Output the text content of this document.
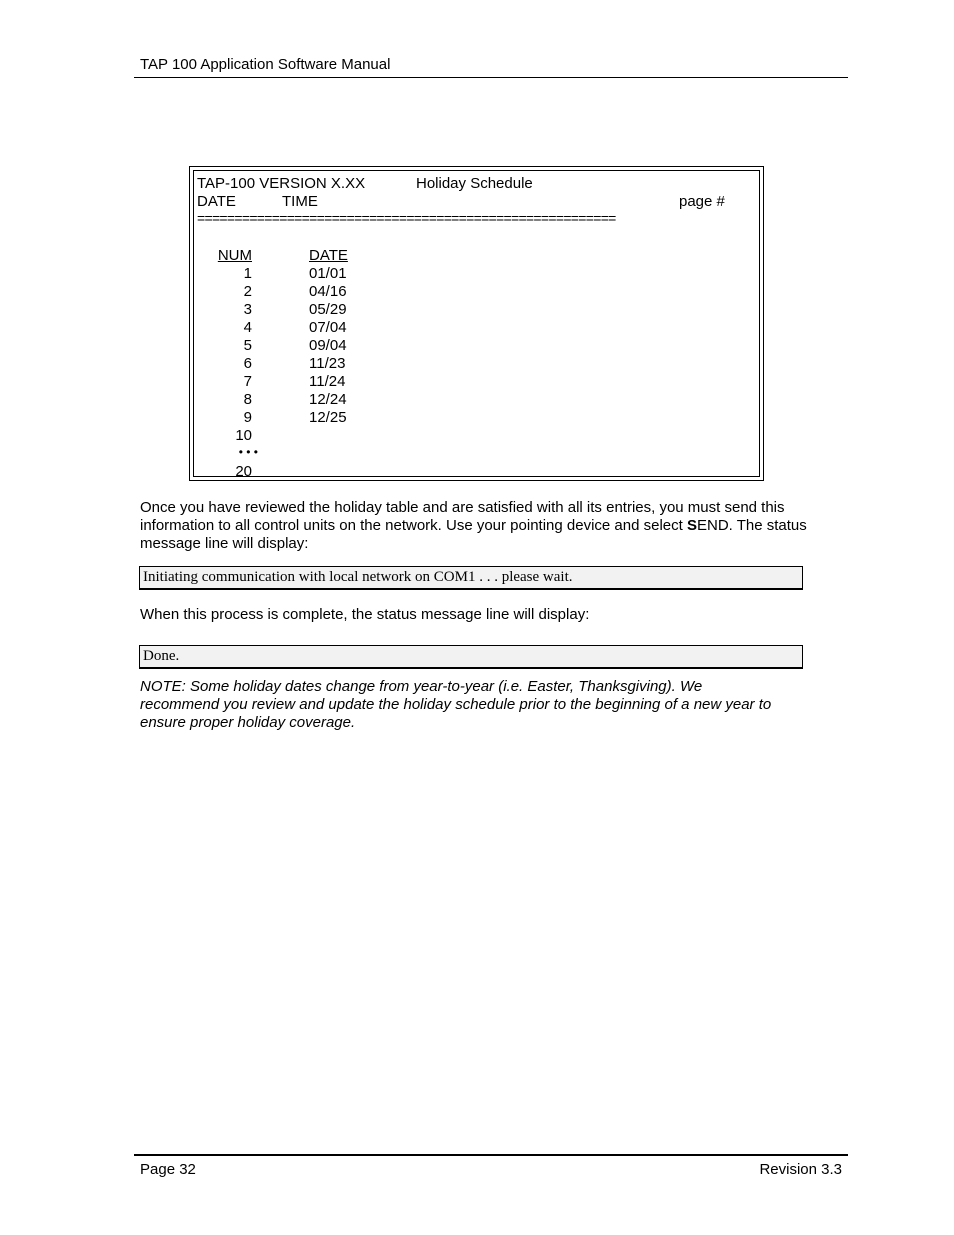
TAP 100 Application Software Manual
TAP-100 VERSION X.XX	Holiday Schedule
DATE	TIME	page #
========================================================
NUM	DATE
1	01/01
2	04/16
3	05/29
4	07/04
5	09/04
6	11/23
7	11/24
8	12/24
9	12/25
10
• • •
20
Once you have reviewed the holiday table and are satisfied with all its entries, you must send this information to all control units on the network. Use your pointing device and select SEND. The status message line will display:
Initiating communication with local network on COM1 . . . please wait.
When this process is complete, the status message line will display:
Done.
NOTE: Some holiday dates change from year-to-year (i.e. Easter, Thanksgiving). We recommend you review and update the holiday schedule prior to the beginning of a new year to ensure proper holiday coverage.
Page 32	Revision 3.3
